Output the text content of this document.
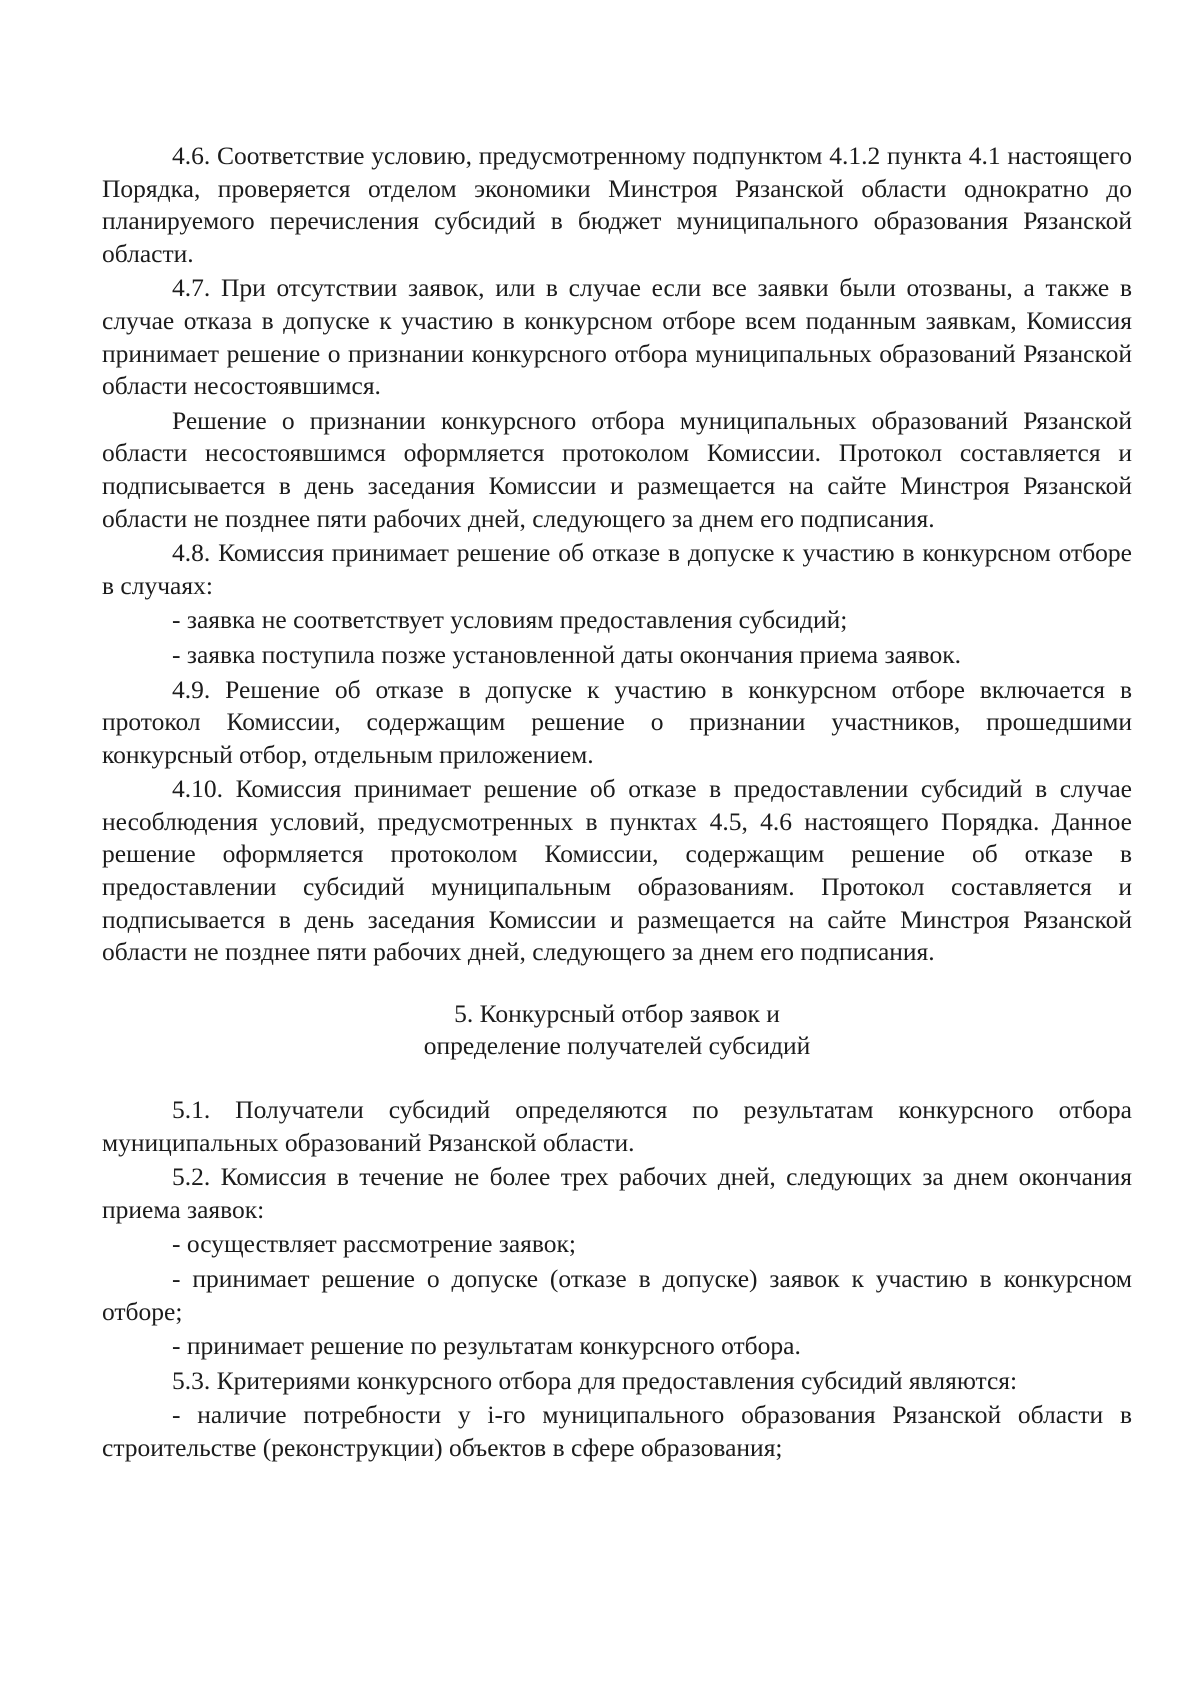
4.6. Соответствие условию, предусмотренному подпунктом 4.1.2 пункта 4.1 настоящего Порядка, проверяется отделом экономики Минстроя Рязанской области однократно до планируемого перечисления субсидий в бюджет муниципального образования Рязанской области.

4.7. При отсутствии заявок, или в случае если все заявки были отозваны, а также в случае отказа в допуске к участию в конкурсном отборе всем поданным заявкам, Комиссия принимает решение о признании конкурсного отбора муниципальных образований Рязанской области несостоявшимся.

Решение о признании конкурсного отбора муниципальных образований Рязанской области несостоявшимся оформляется протоколом Комиссии. Протокол составляется и подписывается в день заседания Комиссии и размещается на сайте Минстроя Рязанской области не позднее пяти рабочих дней, следующего за днем его подписания.

4.8. Комиссия принимает решение об отказе в допуске к участию в конкурсном отборе в случаях:

- заявка не соответствует условиям предоставления субсидий;

- заявка поступила позже установленной даты окончания приема заявок.

4.9. Решение об отказе в допуске к участию в конкурсном отборе включается в протокол Комиссии, содержащим решение о признании участников, прошедшими конкурсный отбор, отдельным приложением.

4.10. Комиссия принимает решение об отказе в предоставлении субсидий в случае несоблюдения условий, предусмотренных в пунктах 4.5, 4.6 настоящего Порядка. Данное решение оформляется протоколом Комиссии, содержащим решение об отказе в предоставлении субсидий муниципальным образованиям. Протокол составляется и подписывается в день заседания Комиссии и размещается на сайте Минстроя Рязанской области не позднее пяти рабочих дней, следующего за днем его подписания.

5. Конкурсный отбор заявок и
определение получателей субсидий

5.1. Получатели субсидий определяются по результатам конкурсного отбора муниципальных образований Рязанской области.

5.2. Комиссия в течение не более трех рабочих дней, следующих за днем окончания приема заявок:

- осуществляет рассмотрение заявок;

- принимает решение о допуске (отказе в допуске) заявок к участию в конкурсном отборе;

- принимает решение по результатам конкурсного отбора.

5.3. Критериями конкурсного отбора для предоставления субсидий являются:

- наличие потребности у i-го муниципального образования Рязанской области в строительстве (реконструкции) объектов в сфере образования;
